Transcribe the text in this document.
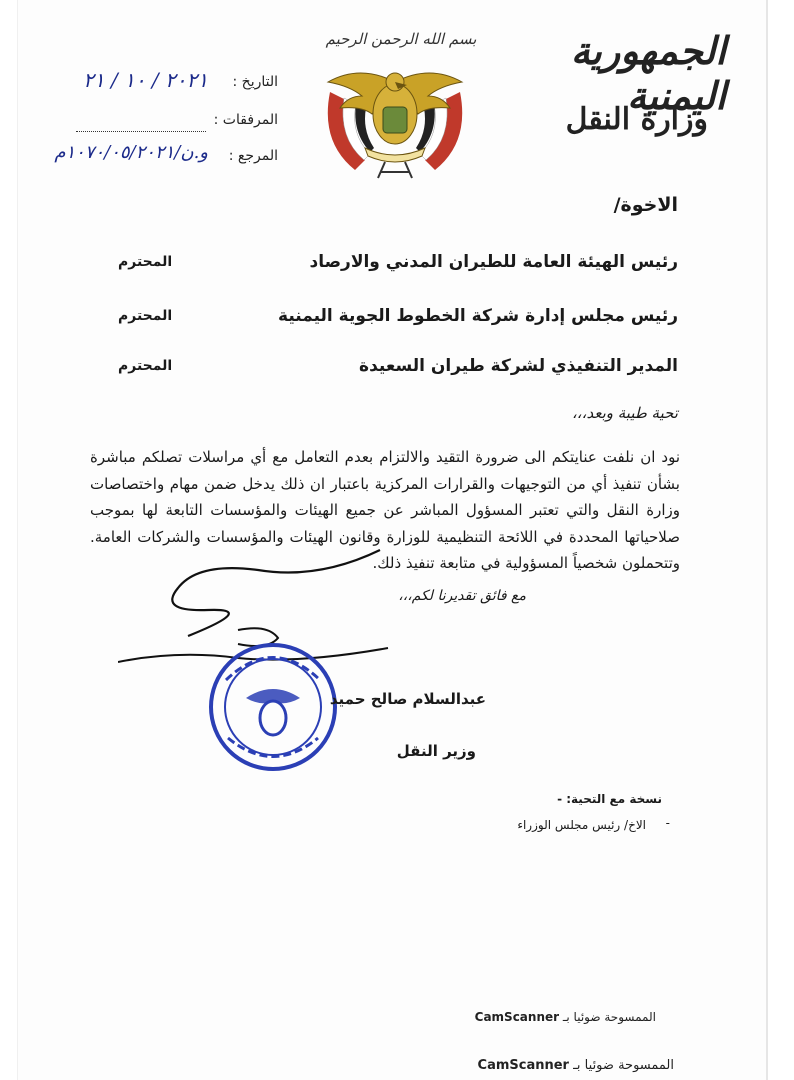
الجمهورية اليمنية
وزارة النقل
بسم الله الرحمن الرحيم
التاريخ :
٢٠٢١ / ١٠ / ٢١
المرفقات :
المرجع :
و.ن/١٠٧٠/٠٥/٢٠٢١م
الاخوة/
رئيس الهيئة العامة للطيران المدني والارصاد
المحترم
رئيس مجلس إدارة شركة الخطوط الجوية اليمنية
المحترم
المدير التنفيذي لشركة طيران السعيدة
المحترم
تحية طيبة وبعد،،،
نود ان نلفت عنايتكم الى ضرورة التقيد والالتزام بعدم التعامل مع أي مراسلات تصلكم مباشرة بشأن تنفيذ أي من التوجيهات والقرارات المركزية باعتبار ان ذلك يدخل ضمن مهام واختصاصات وزارة النقل والتي تعتبر المسؤول المباشر عن جميع الهيئات والمؤسسات التابعة لها بموجب صلاحياتها المحددة في اللائحة التنظيمية للوزارة وقانون الهيئات والمؤسسات والشركات العامة. وتتحملون شخصياً المسؤولية في متابعة تنفيذ ذلك.
مع فائق تقديرنا لكم،،،
عبدالسلام صالح حميد
وزير النقل
نسخة مع التحية: -
-
الاخ/ رئيس مجلس الوزراء
الممسوحة ضوئيا بـ CamScanner
الممسوحة ضوئيا بـ CamScanner
